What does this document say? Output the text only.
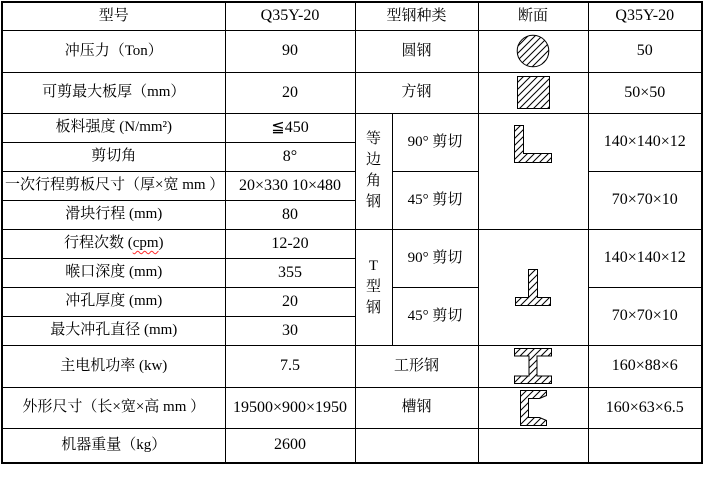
型号	Q35Y-20	型钢种类		断面	Q35Y-20
冲压力（Ton）	90	圆钢			50
可剪最大板厚（mm）	20	方钢			50×50
板料强度 (N/mm²)	≦450	等边角钢	90° 剪切		140×140×12
剪切角	8°				
一次行程剪板尺寸（厚×宽 mm ）	20×330 10×480		45° 剪切		70×70×10
滑块行程 (mm)	80				
行程次数 (cpm)	12-20	T型钢	90° 剪切		140×140×12
喉口深度 (mm)	355				
冲孔厚度 (mm)	20		45° 剪切		70×70×10
最大冲孔直径 (mm)	30				
主电机功率 (kw)	7.5	工形钢			160×88×6
外形尺寸（长×宽×高 mm ）	19500×900×1950	槽钢			160×63×6.5
机器重量（kg）	2600				
